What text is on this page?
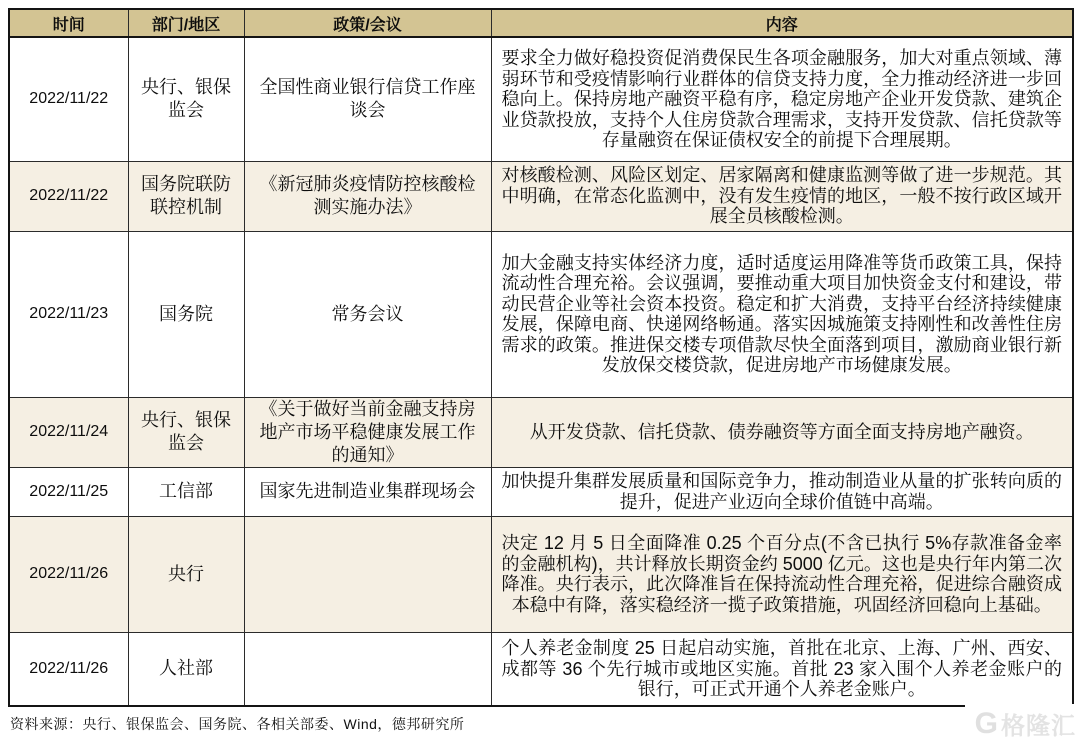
时间	部门/地区	政策/会议	内容
2022/11/22	央行、银保监会	全国性商业银行信贷工作座谈会	要求全力做好稳投资促消费保民生各项金融服务，加大对重点领域、薄弱环节和受疫情影响行业群体的信贷支持力度，全力推动经济进一步回稳向上。保持房地产融资平稳有序，稳定房地产企业开发贷款、建筑企业贷款投放，支持个人住房贷款合理需求，支持开发贷款、信托贷款等存量融资在保证债权安全的前提下合理展期。
2022/11/22	国务院联防联控机制	《新冠肺炎疫情防控核酸检测实施办法》	对核酸检测、风险区划定、居家隔离和健康监测等做了进一步规范。其中明确，在常态化监测中，没有发生疫情的地区，一般不按行政区域开展全员核酸检测。
2022/11/23	国务院	常务会议	加大金融支持实体经济力度，适时适度运用降准等货币政策工具，保持流动性合理充裕。会议强调，要推动重大项目加快资金支付和建设，带动民营企业等社会资本投资。稳定和扩大消费，支持平台经济持续健康发展，保障电商、快递网络畅通。落实因城施策支持刚性和改善性住房需求的政策。推进保交楼专项借款尽快全面落到项目，激励商业银行新发放保交楼贷款，促进房地产市场健康发展。
2022/11/24	央行、银保监会	《关于做好当前金融支持房地产市场平稳健康发展工作的通知》	从开发贷款、信托贷款、债券融资等方面全面支持房地产融资。
2022/11/25	工信部	国家先进制造业集群现场会	加快提升集群发展质量和国际竞争力，推动制造业从量的扩张转向质的提升，促进产业迈向全球价值链中高端。
2022/11/26	央行		决定 12 月 5 日全面降准 0.25 个百分点(不含已执行 5%存款准备金率的金融机构)，共计释放长期资金约 5000 亿元。这也是央行年内第二次降准。央行表示，此次降准旨在保持流动性合理充裕，促进综合融资成本稳中有降，落实稳经济一揽子政策措施，巩固经济回稳向上基础。
2022/11/26	人社部		个人养老金制度 25 日起启动实施，首批在北京、上海、广州、西安、成都等 36 个先行城市或地区实施。首批 23 家入围个人养老金账户的银行，可正式开通个人养老金账户。
资料来源：央行、银保监会、国务院、各相关部委、Wind，德邦研究所	G 格隆汇
